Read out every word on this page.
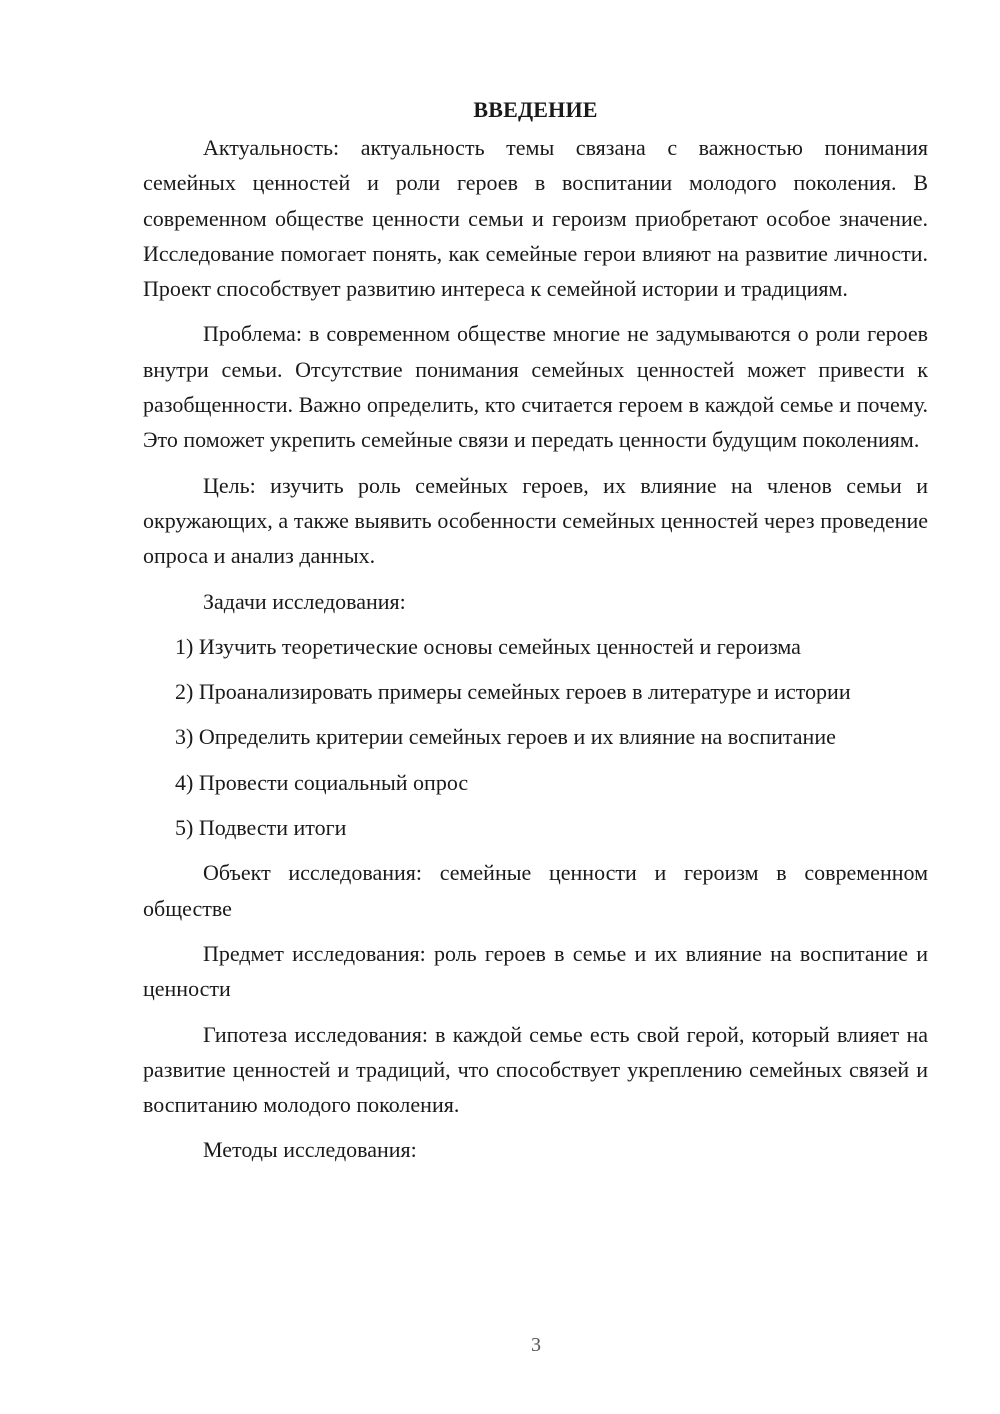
ВВЕДЕНИЕ

Актуальность: актуальность темы связана с важностью понимания семейных ценностей и роли героев в воспитании молодого поколения. В современном обществе ценности семьи и героизм приобретают особое значение. Исследование помогает понять, как семейные герои влияют на развитие личности. Проект способствует развитию интереса к семейной истории и традициям.

Проблема: в современном обществе многие не задумываются о роли героев внутри семьи. Отсутствие понимания семейных ценностей может привести к разобщенности. Важно определить, кто считается героем в каждой семье и почему. Это поможет укрепить семейные связи и передать ценности будущим поколениям.

Цель: изучить роль семейных героев, их влияние на членов семьи и окружающих, а также выявить особенности семейных ценностей через проведение опроса и анализ данных.

Задачи исследования:

1) Изучить теоретические основы семейных ценностей и героизма

2) Проанализировать примеры семейных героев в литературе и истории

3) Определить критерии семейных героев и их влияние на воспитание

4) Провести социальный опрос

5) Подвести итоги

Объект исследования: семейные ценности и героизм в современном обществе

Предмет исследования: роль героев в семье и их влияние на воспитание и ценности

Гипотеза исследования: в каждой семье есть свой герой, который влияет на развитие ценностей и традиций, что способствует укреплению семейных связей и воспитанию молодого поколения.

Методы исследования:

3
